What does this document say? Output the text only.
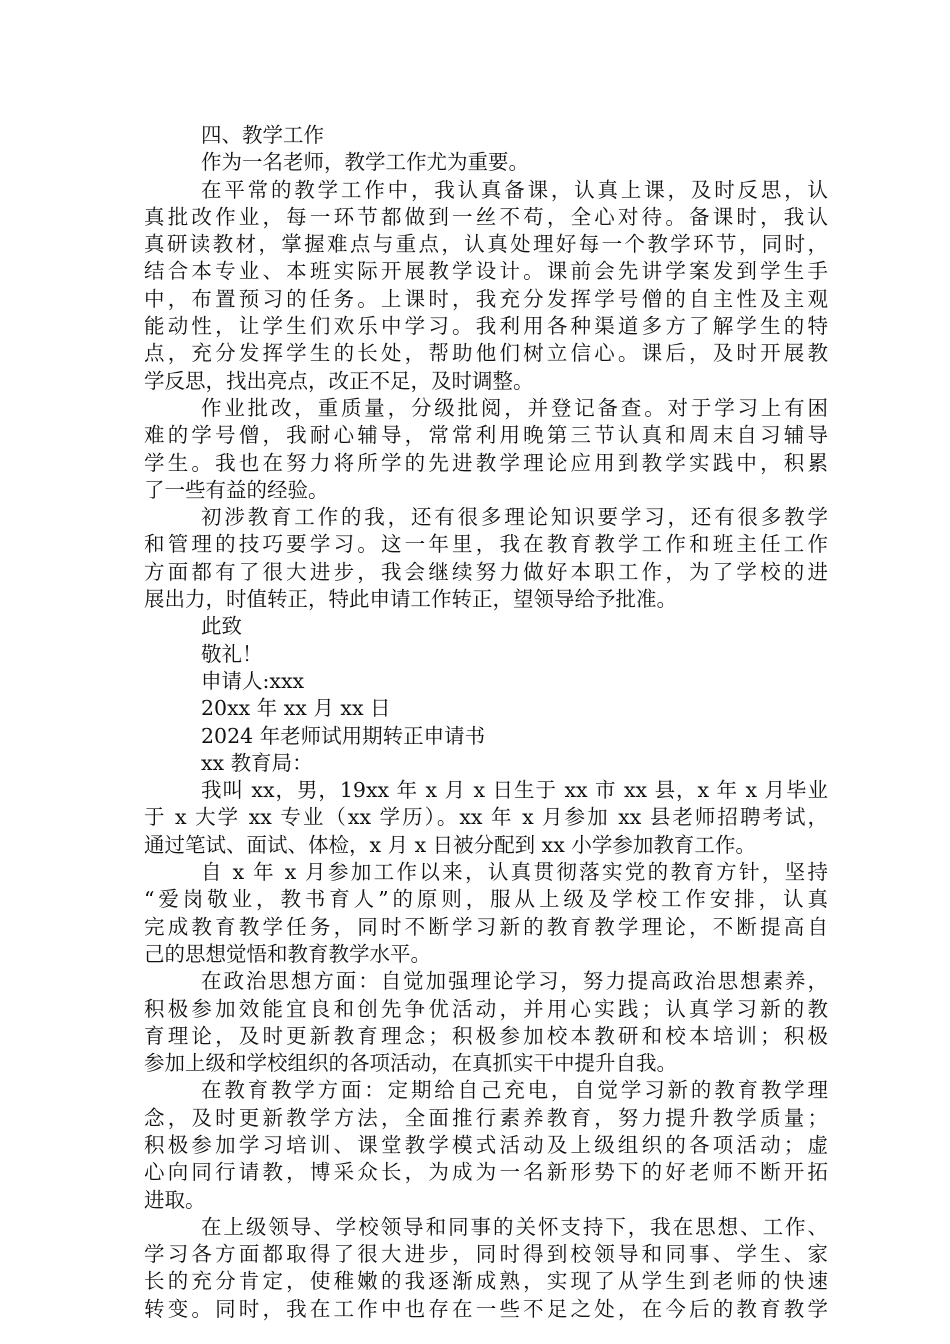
四、教学工作
作为一名老师，教学工作尤为重要。
在平常的教学工作中，我认真备课，认真上课，及时反思，认
真批改作业，每一环节都做到一丝不苟，全心对待。备课时，我认
真研读教材，掌握难点与重点，认真处理好每一个教学环节，同时，
结合本专业、本班实际开展教学设计。课前会先讲学案发到学生手
中，布置预习的任务。上课时，我充分发挥学号僧的自主性及主观
能动性，让学生们欢乐中学习。我利用各种渠道多方了解学生的特
点，充分发挥学生的长处，帮助他们树立信心。课后，及时开展教
学反思，找出亮点，改正不足，及时调整。
作业批改，重质量，分级批阅，并登记备查。对于学习上有困
难的学号僧，我耐心辅导，常常利用晚第三节认真和周末自习辅导
学生。我也在努力将所学的先进教学理论应用到教学实践中，积累
了一些有益的经验。
初涉教育工作的我，还有很多理论知识要学习，还有很多教学
和管理的技巧要学习。这一年里，我在教育教学工作和班主任工作
方面都有了很大进步，我会继续努力做好本职工作，为了学校的进
展出力，时值转正，特此申请工作转正，望领导给予批准。
此致
敬礼！
申请人:xxx
20xx 年 xx 月 xx 日
2024 年老师试用期转正申请书
xx 教育局：
我叫 xx，男，19xx 年 x 月 x 日生于 xx 市 xx 县，x 年 x 月毕业
于 x 大学 xx 专业（xx 学历）。xx 年 x 月参加 xx 县老师招聘考试，
通过笔试、面试、体检，x 月 x 日被分配到 xx 小学参加教育工作。
自 x 年 x 月参加工作以来，认真贯彻落实党的教育方针，坚持
“爱岗敬业，教书育人”的原则，服从上级及学校工作安排，认真
完成教育教学任务，同时不断学习新的教育教学理论，不断提高自
己的思想觉悟和教育教学水平。
在政治思想方面：自觉加强理论学习，努力提高政治思想素养，
积极参加效能宜良和创先争优活动，并用心实践；认真学习新的教
育理论，及时更新教育理念；积极参加校本教研和校本培训；积极
参加上级和学校组织的各项活动，在真抓实干中提升自我。
在教育教学方面：定期给自己充电，自觉学习新的教育教学理
念，及时更新教学方法，全面推行素养教育，努力提升教学质量；
积极参加学习培训、课堂教学模式活动及上级组织的各项活动；虚
心向同行请教，博采众长，为成为一名新形势下的好老师不断开拓
进取。
在上级领导、学校领导和同事的关怀支持下，我在思想、工作、
学习各方面都取得了很大进步，同时得到校领导和同事、学生、家
长的充分肯定，使稚嫩的我逐渐成熟，实现了从学生到老师的快速
转变。同时，我在工作中也存在一些不足之处，在今后的教育教学
